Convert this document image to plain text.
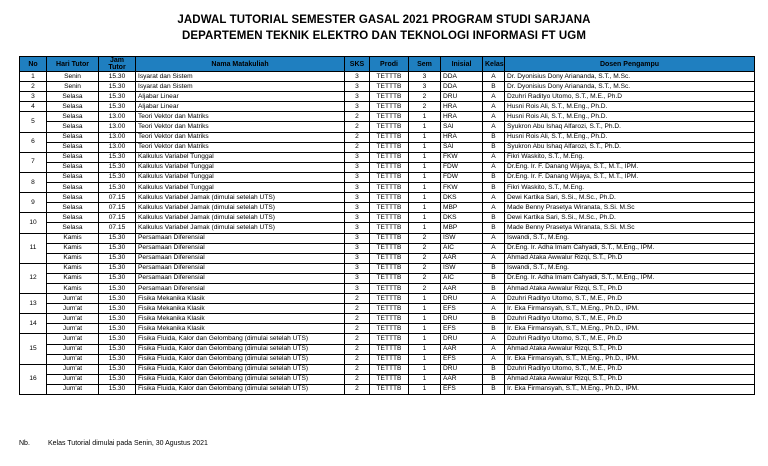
JADWAL TUTORIAL SEMESTER GASAL 2021 PROGRAM STUDI SARJANA
DEPARTEMEN TEKNIK ELEKTRO DAN TEKNOLOGI INFORMASI FT UGM
No	Hari Tutor	Jam Tutor	Nama Matakuliah	SKS	Prodi	Sem	Inisial	Kelas	Dosen Pengampu
1	Senin	15.30	Isyarat dan Sistem	3	TETTTB	3	DDA	A	Dr. Dyonisius Dony Ariananda, S.T., M.Sc.
2	Senin	15.30	Isyarat dan Sistem	3	TETTTB	3	DDA	B	Dr. Dyonisius Dony Ariananda, S.T., M.Sc.
3	Selasa	15.30	Aljabar Linear	3	TETTTB	2	DRU	A	Dzuhri Radityo Utomo, S.T., M.E., Ph.D
4	Selasa	15.30	Aljabar Linear	3	TETTTB	2	HRA	A	Husni Rois Ali, S.T., M.Eng., Ph.D.
5	Selasa	13.00	Teori Vektor dan Matriks	2	TETTTB	1	HRA	A	Husni Rois Ali, S.T., M.Eng., Ph.D.
	Selasa	13.00	Teori Vektor dan Matriks	2	TETTTB	1	SAI	A	Syukron Abu Ishaq Alfarozi, S.T., Ph.D.
6	Selasa	13.00	Teori Vektor dan Matriks	2	TETTTB	1	HRA	B	Husni Rois Ali, S.T., M.Eng., Ph.D.
	Selasa	13.00	Teori Vektor dan Matriks	2	TETTTB	1	SAI	B	Syukron Abu Ishaq Alfarozi, S.T., Ph.D.
7	Selasa	15.30	Kalkulus Variabel Tunggal	3	TETTTB	1	FKW	A	Fikri Waskito, S.T., M.Eng.
	Selasa	15.30	Kalkulus Variabel Tunggal	3	TETTTB	1	FDW	A	Dr.Eng. Ir. F. Danang Wijaya, S.T., M.T., IPM.
8	Selasa	15.30	Kalkulus Variabel Tunggal	3	TETTTB	1	FDW	B	Dr.Eng. Ir. F. Danang Wijaya, S.T., M.T., IPM.
	Selasa	15.30	Kalkulus Variabel Tunggal	3	TETTTB	1	FKW	B	Fikri Waskito, S.T., M.Eng.
9	Selasa	07.15	Kalkulus Variabel Jamak (dimulai setelah UTS)	3	TETTTB	1	DKS	A	Dewi Kartika Sari, S.Si., M.Sc., Ph.D.
	Selasa	07.15	Kalkulus Variabel Jamak (dimulai setelah UTS)	3	TETTTB	1	MBP	A	Made Benny Prasetya Wiranata, S.Si. M.Sc
10	Selasa	07.15	Kalkulus Variabel Jamak (dimulai setelah UTS)	3	TETTTB	1	DKS	B	Dewi Kartika Sari, S.Si., M.Sc., Ph.D.
	Selasa	07.15	Kalkulus Variabel Jamak (dimulai setelah UTS)	3	TETTTB	1	MBP	B	Made Benny Prasetya Wiranata, S.Si. M.Sc
11	Kamis	15.30	Persamaan Diferensial	3	TETTTB	2	ISW	A	Iswandi, S.T., M.Eng.
	Kamis	15.30	Persamaan Diferensial	3	TETTTB	2	AIC	A	Dr.Eng. Ir. Adha Imam Cahyadi, S.T., M.Eng., IPM.
	Kamis	15.30	Persamaan Diferensial	3	TETTTB	2	AAR	A	Ahmad Ataka Awwalur Rizqi, S.T., Ph.D
12	Kamis	15.30	Persamaan Diferensial	3	TETTTB	2	ISW	B	Iswandi, S.T., M.Eng.
	Kamis	15.30	Persamaan Diferensial	3	TETTTB	2	AIC	B	Dr.Eng. Ir. Adha Imam Cahyadi, S.T., M.Eng., IPM.
	Kamis	15.30	Persamaan Diferensial	3	TETTTB	2	AAR	B	Ahmad Ataka Awwalur Rizqi, S.T., Ph.D
13	Jum'at	15.30	Fisika Mekanika Klasik	2	TETTTB	1	DRU	A	Dzuhri Radityo Utomo, S.T., M.E., Ph.D
	Jum'at	15.30	Fisika Mekanika Klasik	2	TETTTB	1	EFS	A	Ir. Eka Firmansyah, S.T., M.Eng., Ph.D., IPM.
14	Jum'at	15.30	Fisika Mekanika Klasik	2	TETTTB	1	DRU	B	Dzuhri Radityo Utomo, S.T., M.E., Ph.D
	Jum'at	15.30	Fisika Mekanika Klasik	2	TETTTB	1	EFS	B	Ir. Eka Firmansyah, S.T., M.Eng., Ph.D., IPM.
15	Jum'at	15.30	Fisika Fluida, Kalor dan Gelombang (dimulai setelah UTS)	2	TETTTB	1	DRU	A	Dzuhri Radityo Utomo, S.T., M.E., Ph.D
	Jum'at	15.30	Fisika Fluida, Kalor dan Gelombang (dimulai setelah UTS)	2	TETTTB	1	AAR	A	Ahmad Ataka Awwalur Rizqi, S.T., Ph.D
	Jum'at	15.30	Fisika Fluida, Kalor dan Gelombang (dimulai setelah UTS)	2	TETTTB	1	EFS	A	Ir. Eka Firmansyah, S.T., M.Eng., Ph.D., IPM.
16	Jum'at	15.30	Fisika Fluida, Kalor dan Gelombang (dimulai setelah UTS)	2	TETTTB	1	DRU	B	Dzuhri Radityo Utomo, S.T., M.E., Ph.D
	Jum'at	15.30	Fisika Fluida, Kalor dan Gelombang (dimulai setelah UTS)	2	TETTTB	1	AAR	B	Ahmad Ataka Awwalur Rizqi, S.T., Ph.D
	Jum'at	15.30	Fisika Fluida, Kalor dan Gelombang (dimulai setelah UTS)	2	TETTTB	1	EFS	B	Ir. Eka Firmansyah, S.T., M.Eng., Ph.D., IPM.
Nb.	Kelas Tutorial dimulai pada Senin, 30 Agustus 2021
